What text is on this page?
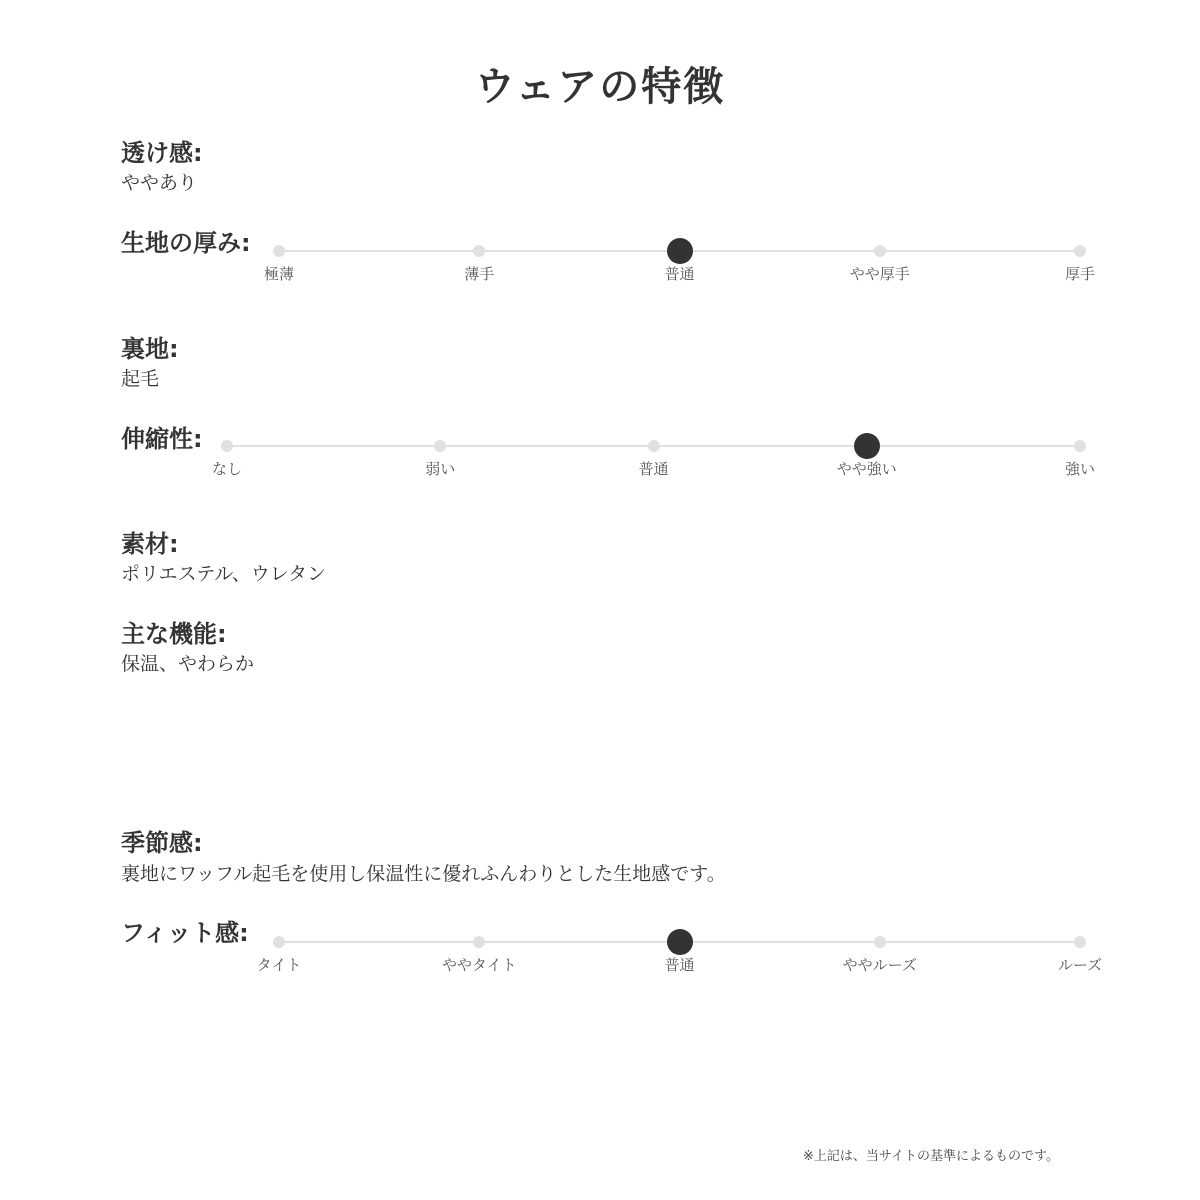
ウェアの特徴
透け感:
ややあり
生地の厚み:
極薄	薄手	普通	やや厚手	厚手
裏地:
起毛
伸縮性:
なし	弱い	普通	やや強い	強い
素材:
ポリエステル、ウレタン
主な機能:
保温、やわらか
季節感:
裏地にワッフル起毛を使用し保温性に優れふんわりとした生地感です。
フィット感:
タイト	ややタイト	普通	ややルーズ	ルーズ
※上記は、当サイトの基準によるものです。
